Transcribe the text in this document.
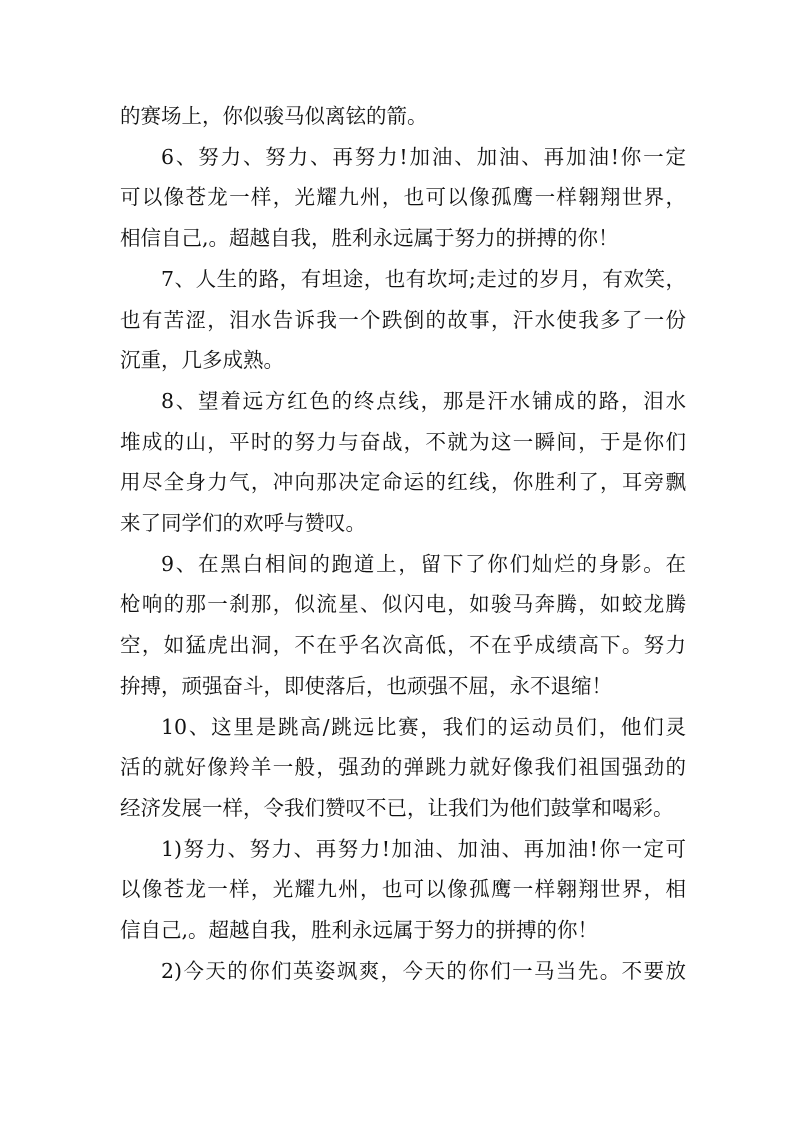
的赛场上，你似骏马似离铉的箭。

6、努力、努力、再努力!加油、加油、再加油!你一定
可以像苍龙一样，光耀九州，也可以像孤鹰一样翱翔世界，
相信自己,。超越自我，胜利永远属于努力的拼搏的你！

7、人生的路，有坦途，也有坎坷;走过的岁月，有欢笑，
也有苦涩，泪水告诉我一个跌倒的故事，汗水使我多了一份
沉重，几多成熟。

8、望着远方红色的终点线，那是汗水铺成的路，泪水
堆成的山，平时的努力与奋战，不就为这一瞬间，于是你们
用尽全身力气，冲向那决定命运的红线，你胜利了，耳旁飘
来了同学们的欢呼与赞叹。

9、在黑白相间的跑道上，留下了你们灿烂的身影。在
枪响的那一刹那，似流星、似闪电，如骏马奔腾，如蛟龙腾
空，如猛虎出洞，不在乎名次高低，不在乎成绩高下。努力
拚搏，顽强奋斗，即使落后，也顽强不屈，永不退缩！

10、这里是跳高/跳远比赛，我们的运动员们，他们灵
活的就好像羚羊一般，强劲的弹跳力就好像我们祖国强劲的
经济发展一样，令我们赞叹不已，让我们为他们鼓掌和喝彩。

1)努力、努力、再努力!加油、加油、再加油!你一定可
以像苍龙一样，光耀九州，也可以像孤鹰一样翱翔世界，相
信自己,。超越自我，胜利永远属于努力的拼搏的你！

2)今天的你们英姿飒爽，今天的你们一马当先。不要放
